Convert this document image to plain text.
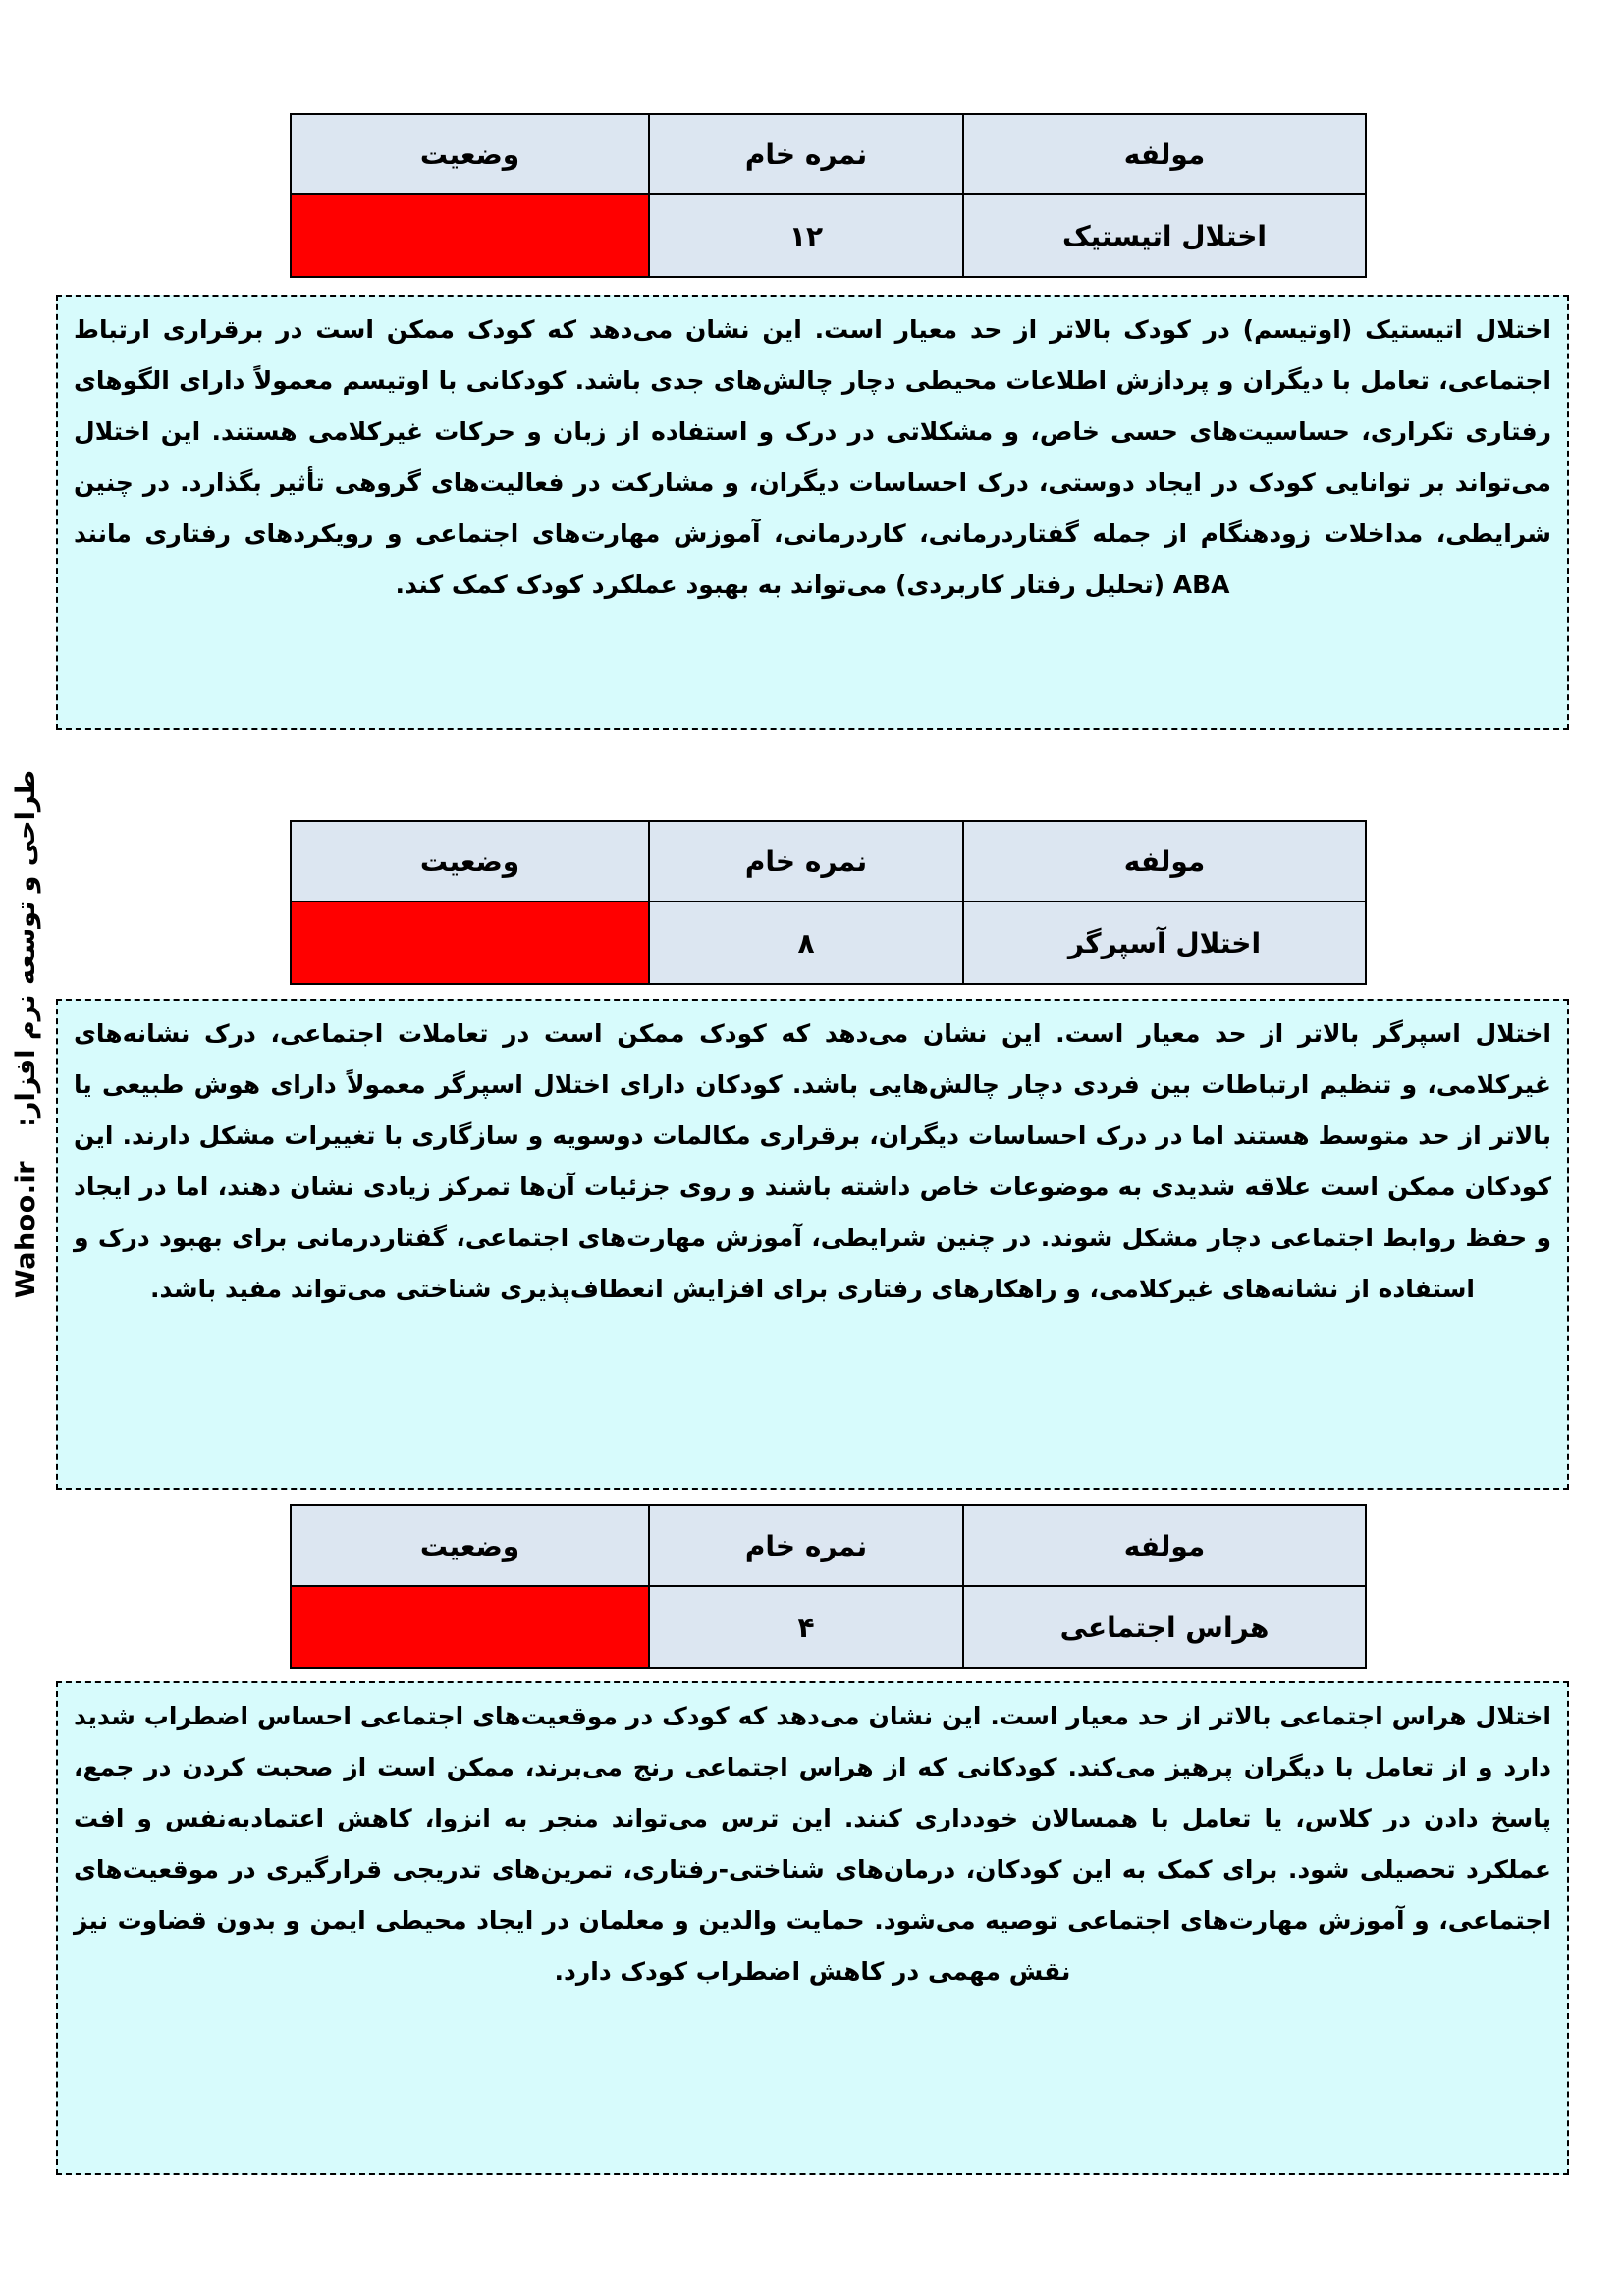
مولفه	نمره خام	وضعیت
اختلال اتیستیک	۱۲	

اختلال اتیستیک (اوتیسم) در کودک بالاتر از حد معیار است. این نشان می‌دهد که کودک ممکن است در برقراری ارتباط اجتماعی، تعامل با دیگران و پردازش اطلاعات محیطی دچار چالش‌های جدی باشد. کودکانی با اوتیسم معمولاً دارای الگوهای رفتاری تکراری، حساسیت‌های حسی خاص، و مشکلاتی در درک و استفاده از زبان و حرکات غیرکلامی هستند. این اختلال می‌تواند بر توانایی کودک در ایجاد دوستی، درک احساسات دیگران، و مشارکت در فعالیت‌های گروهی تأثیر بگذارد. در چنین شرایطی، مداخلات زودهنگام از جمله گفتاردرمانی، کاردرمانی، آموزش مهارت‌های اجتماعی و رویکردهای رفتاری مانند ABA (تحلیل رفتار کاربردی) می‌تواند به بهبود عملکرد کودک کمک کند.

مولفه	نمره خام	وضعیت
اختلال آسپرگر	۸	

اختلال اسپرگر بالاتر از حد معیار است. این نشان می‌دهد که کودک ممکن است در تعاملات اجتماعی، درک نشانه‌های غیرکلامی، و تنظیم ارتباطات بین فردی دچار چالش‌هایی باشد. کودکان دارای اختلال اسپرگر معمولاً دارای هوش طبیعی یا بالاتر از حد متوسط هستند اما در درک احساسات دیگران، برقراری مکالمات دوسویه و سازگاری با تغییرات مشکل دارند. این کودکان ممکن است علاقه شدیدی به موضوعات خاص داشته باشند و روی جزئیات آن‌ها تمرکز زیادی نشان دهند، اما در ایجاد و حفظ روابط اجتماعی دچار مشکل شوند. در چنین شرایطی، آموزش مهارت‌های اجتماعی، گفتاردرمانی برای بهبود درک و استفاده از نشانه‌های غیرکلامی، و راهکارهای رفتاری برای افزایش انعطاف‌پذیری شناختی می‌تواند مفید باشد.

مولفه	نمره خام	وضعیت
هراس اجتماعی	۴	

اختلال هراس اجتماعی بالاتر از حد معیار است. این نشان می‌دهد که کودک در موقعیت‌های اجتماعی احساس اضطراب شدید دارد و از تعامل با دیگران پرهیز می‌کند. کودکانی که از هراس اجتماعی رنج می‌برند، ممکن است از صحبت کردن در جمع، پاسخ دادن در کلاس، یا تعامل با همسالان خودداری کنند. این ترس می‌تواند منجر به انزوا، کاهش اعتمادبه‌نفس و افت عملکرد تحصیلی شود. برای کمک به این کودکان، درمان‌های شناختی-رفتاری، تمرین‌های تدریجی قرارگیری در موقعیت‌های اجتماعی، و آموزش مهارت‌های اجتماعی توصیه می‌شود. حمایت والدین و معلمان در ایجاد محیطی ایمن و بدون قضاوت نیز نقش مهمی در کاهش اضطراب کودک دارد.

طراحی و توسعه نرم افزار:Wahoo.ir
